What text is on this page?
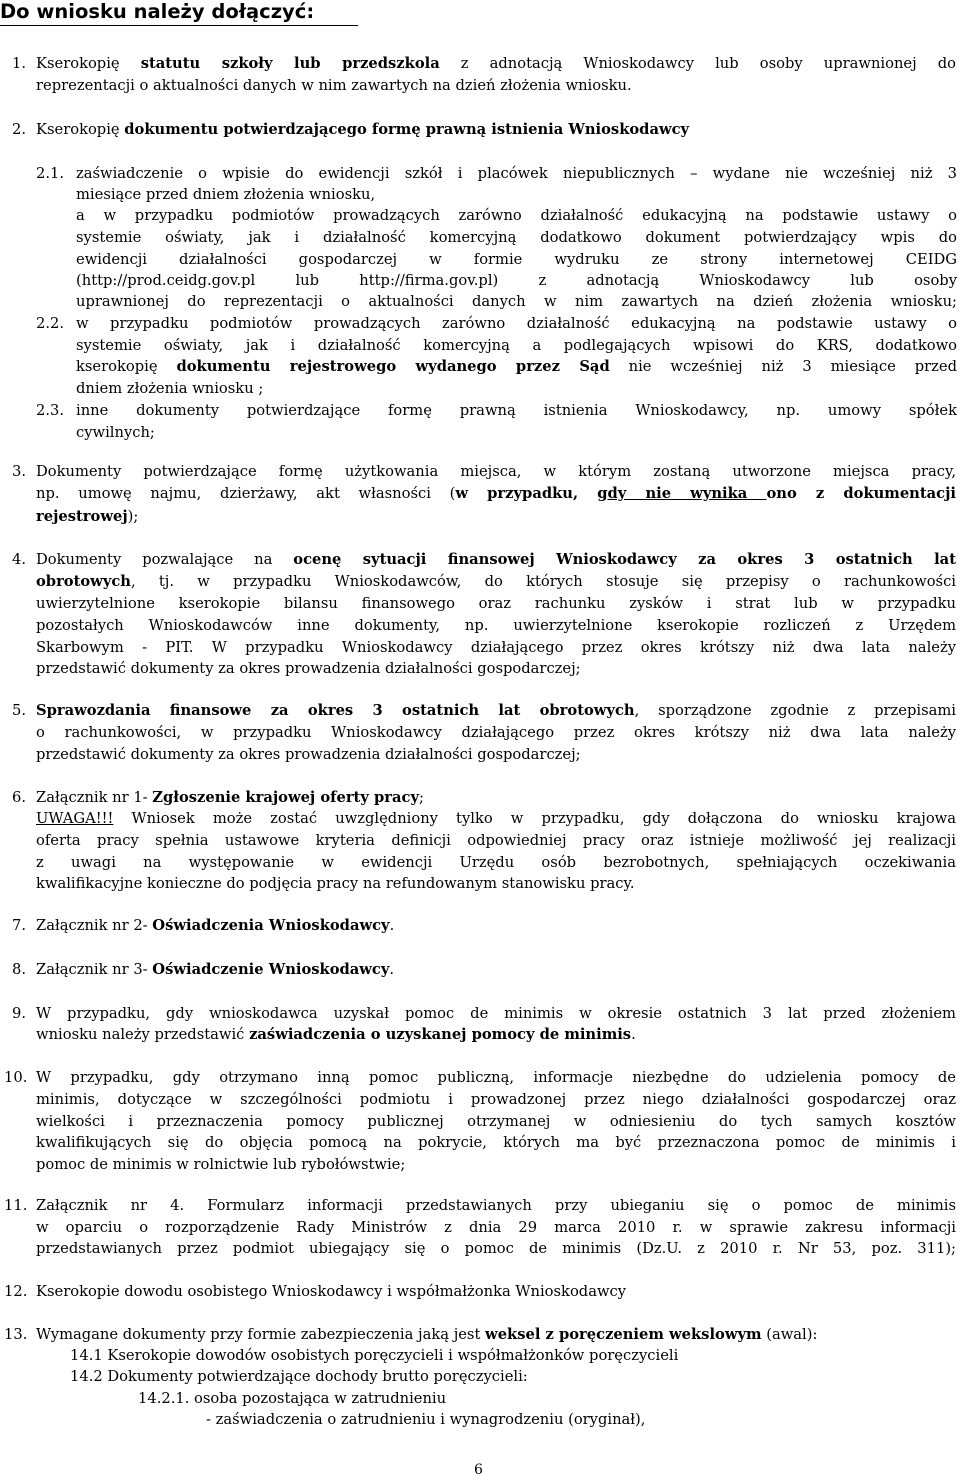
Do wniosku należy dołączyć:

1. Kserokopię statutu szkoły lub przedszkola z adnotacją Wnioskodawcy lub osoby uprawnionej do

reprezentacji o aktualności danych w nim zawartych na dzień złożenia wniosku.

2. Kserokopię dokumentu potwierdzającego formę prawną istnienia Wnioskodawcy

2.1. zaświadczenie o wpisie do ewidencji szkół i placówek niepublicznych – wydane nie wcześniej niż 3

miesiące przed dniem złożenia wniosku,

a w przypadku podmiotów prowadzących zarówno działalność edukacyjną na podstawie ustawy o

systemie oświaty, jak i działalność komercyjną dodatkowo dokument potwierdzający wpis do

ewidencji działalności gospodarczej w formie wydruku ze strony internetowej CEIDG

(http://prod.ceidg.gov.pl lub http://firma.gov.pl) z adnotacją Wnioskodawcy lub osoby

uprawnionej do reprezentacji o aktualności danych w nim zawartych na dzień złożenia wniosku;

2.2. w przypadku podmiotów prowadzących zarówno działalność edukacyjną na podstawie ustawy o

systemie oświaty, jak i działalność komercyjną a podlegających wpisowi do KRS, dodatkowo

kserokopię dokumentu rejestrowego wydanego przez Sąd nie wcześniej niż 3 miesiące przed

dniem złożenia wniosku ;

2.3. inne dokumenty potwierdzające formę prawną istnienia Wnioskodawcy, np. umowy spółek

cywilnych;

3. Dokumenty potwierdzające formę użytkowania miejsca, w którym zostaną utworzone miejsca pracy,

np. umowę najmu, dzierżawy, akt własności (w przypadku, gdy nie wynika ono z dokumentacji

rejestrowej);

4. Dokumenty pozwalające na ocenę sytuacji finansowej Wnioskodawcy za okres 3 ostatnich lat

obrotowych, tj. w przypadku Wnioskodawców, do których stosuje się przepisy o rachunkowości

uwierzytelnione kserokopie bilansu finansowego oraz rachunku zysków i strat lub w przypadku

pozostałych Wnioskodawców inne dokumenty, np. uwierzytelnione kserokopie rozliczeń z Urzędem

Skarbowym - PIT. W przypadku Wnioskodawcy działającego przez okres krótszy niż dwa lata należy

przedstawić dokumenty za okres prowadzenia działalności gospodarczej;

5. Sprawozdania finansowe za okres 3 ostatnich lat obrotowych, sporządzone zgodnie z przepisami

o rachunkowości, w przypadku Wnioskodawcy działającego przez okres krótszy niż dwa lata należy

przedstawić dokumenty za okres prowadzenia działalności gospodarczej;

6. Załącznik nr 1- Zgłoszenie krajowej oferty pracy;

UWAGA!!! Wniosek może zostać uwzględniony tylko w przypadku, gdy dołączona do wniosku krajowa

oferta pracy spełnia ustawowe kryteria definicji odpowiedniej pracy oraz istnieje możliwość jej realizacji

z uwagi na występowanie w ewidencji Urzędu osób bezrobotnych, spełniających oczekiwania

kwalifikacyjne konieczne do podjęcia pracy na refundowanym stanowisku pracy.

7. Załącznik nr 2- Oświadczenia Wnioskodawcy.

8. Załącznik nr 3- Oświadczenie Wnioskodawcy.

9. W przypadku, gdy wnioskodawca uzyskał pomoc de minimis w okresie ostatnich 3 lat przed złożeniem

wniosku należy przedstawić zaświadczenia o uzyskanej pomocy de minimis.

10. W przypadku, gdy otrzymano inną pomoc publiczną, informacje niezbędne do udzielenia pomocy de

minimis, dotyczące w szczególności podmiotu i prowadzonej przez niego działalności gospodarczej oraz

wielkości i przeznaczenia pomocy publicznej otrzymanej w odniesieniu do tych samych kosztów

kwalifikujących się do objęcia pomocą na pokrycie, których ma być przeznaczona pomoc de minimis i

pomoc de minimis w rolnictwie lub rybołówstwie;

11. Załącznik nr 4. Formularz informacji przedstawianych przy ubieganiu się o pomoc de minimis

w oparciu o rozporządzenie Rady Ministrów z dnia 29 marca 2010 r. w sprawie zakresu informacji

przedstawianych przez podmiot ubiegający się o pomoc de minimis (Dz.U. z 2010 r. Nr 53, poz. 311);

12. Kserokopie dowodu osobistego Wnioskodawcy i współmałżonka Wnioskodawcy

13. Wymagane dokumenty przy formie zabezpieczenia jaką jest weksel z poręczeniem wekslowym (awal):

14.1 Kserokopie dowodów osobistych poręczycieli i współmałżonków poręczycieli

14.2 Dokumenty potwierdzające dochody brutto poręczycieli:

14.2.1. osoba pozostająca w zatrudnieniu

- zaświadczenia o zatrudnieniu i wynagrodzeniu (oryginał),

6
